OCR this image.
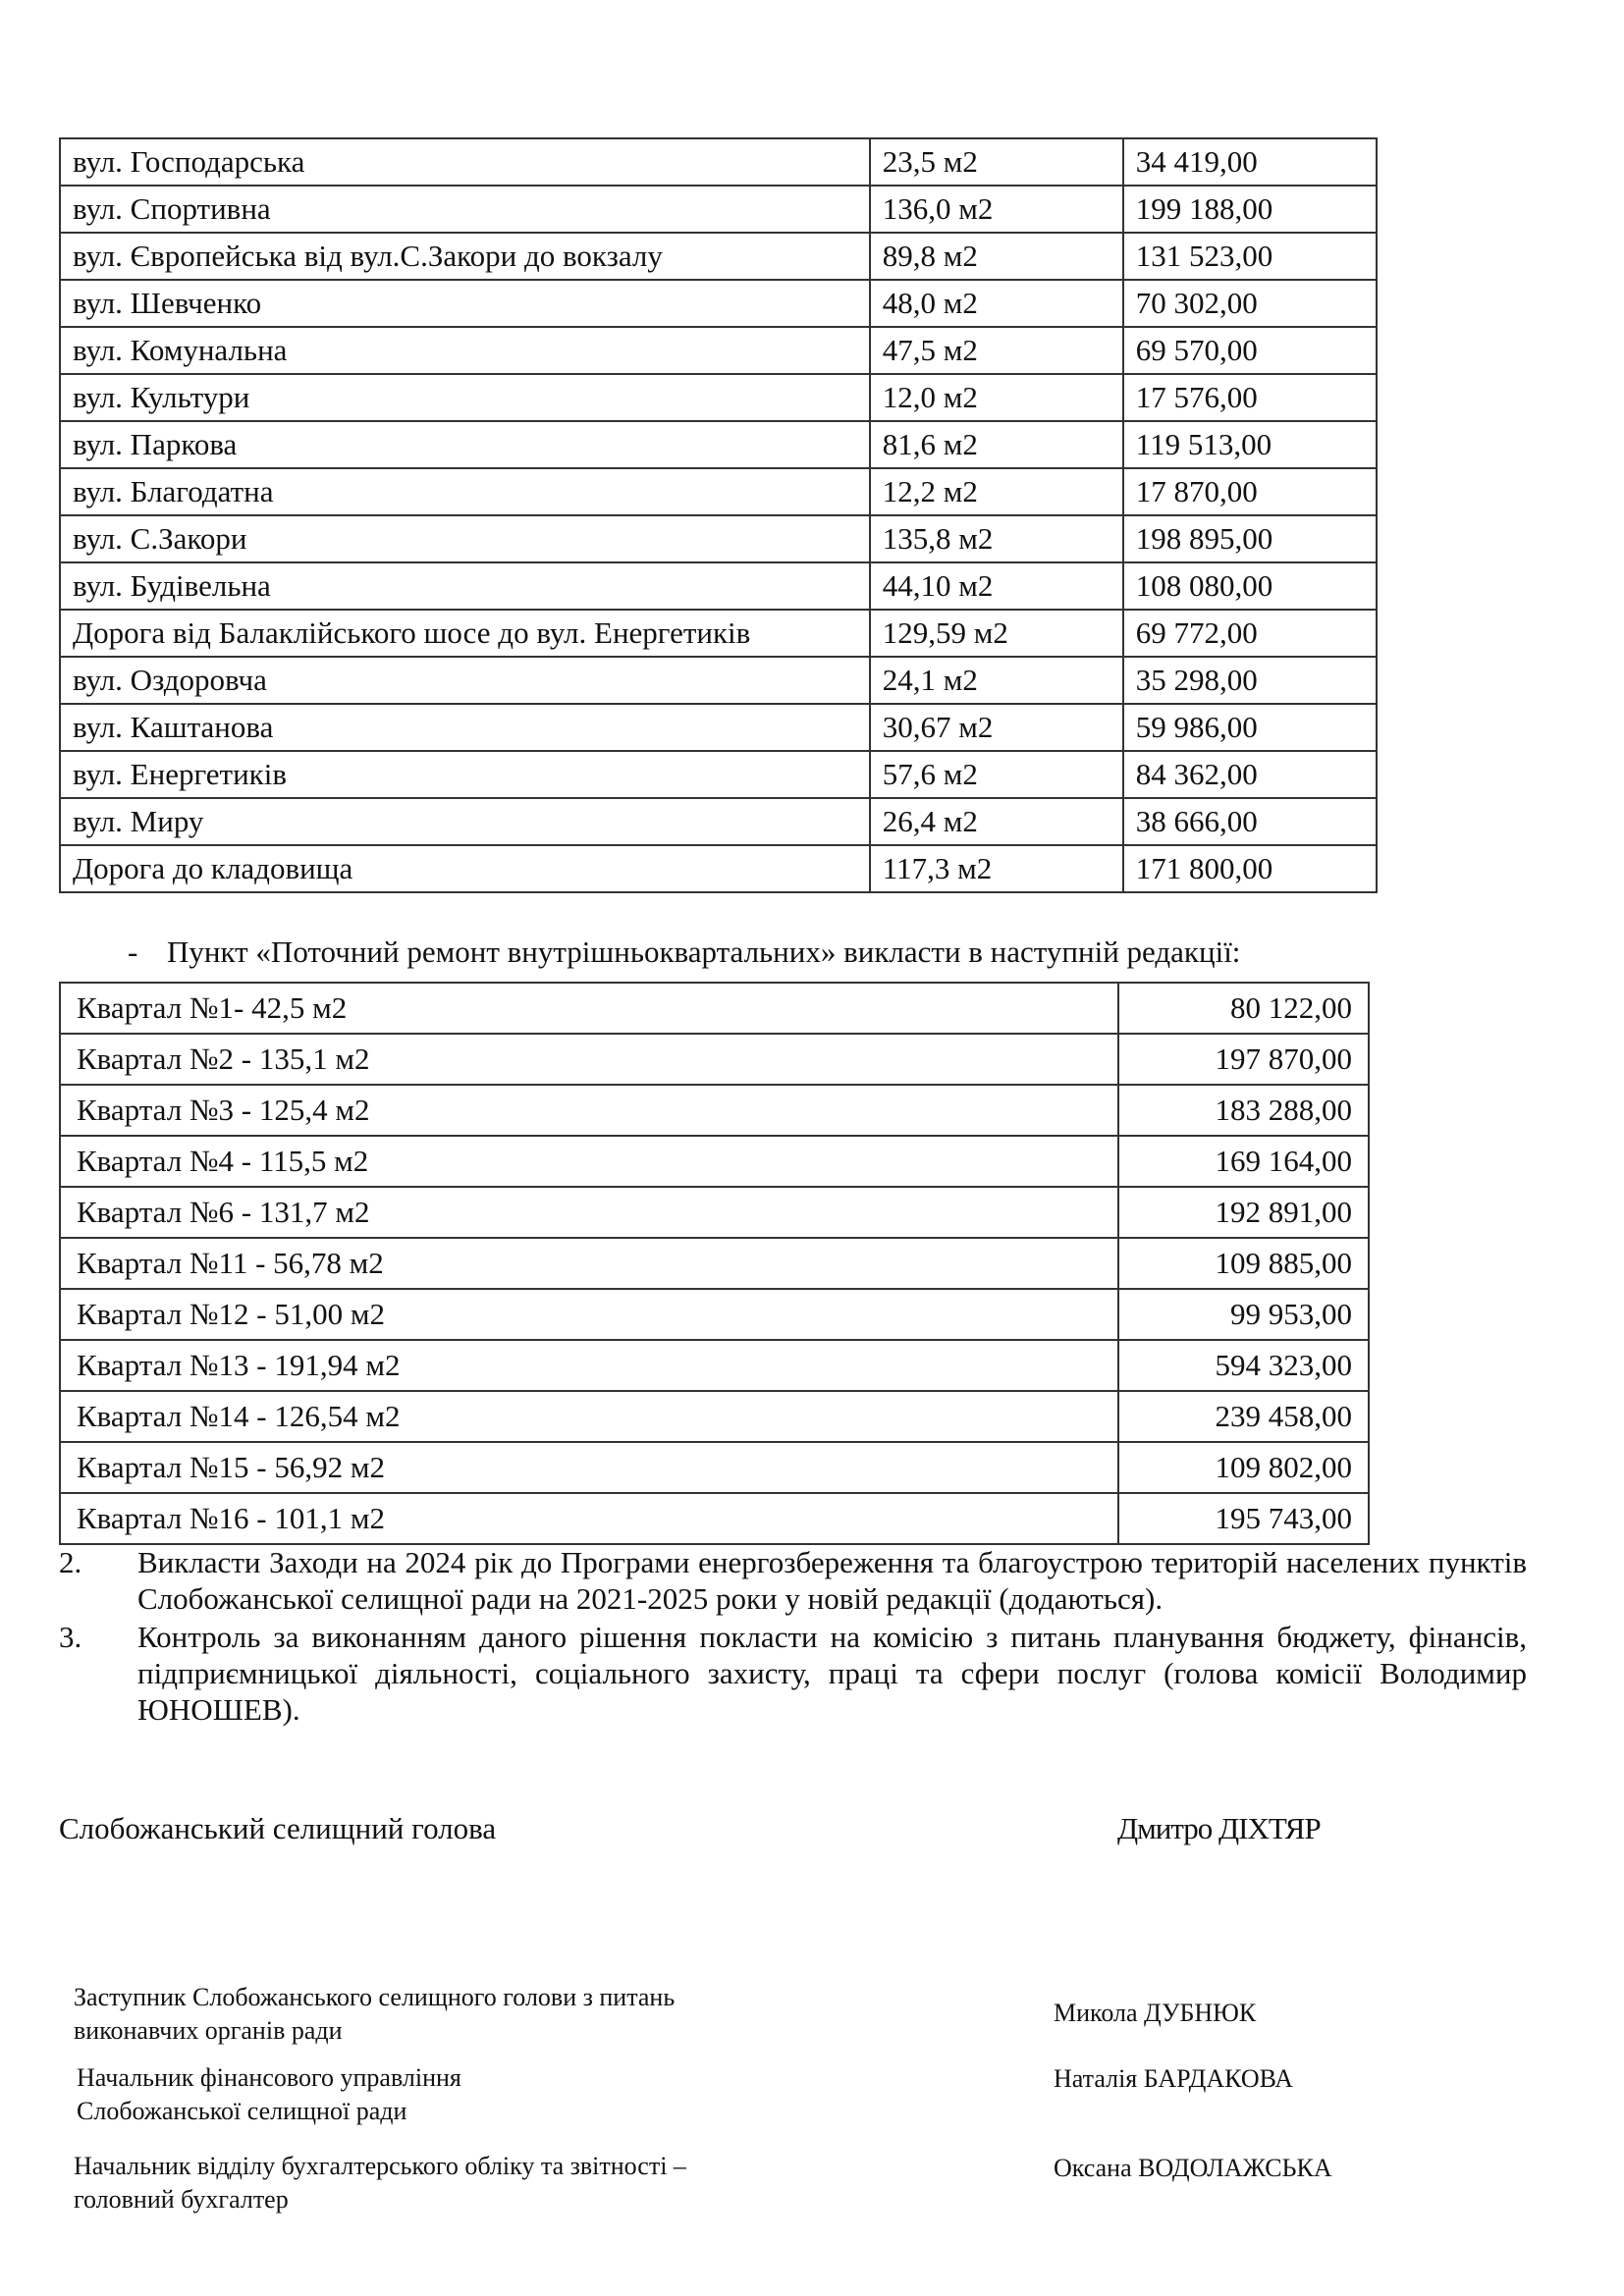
вул. Господарська	23,5 м2	34 419,00
вул. Спортивна	136,0 м2	199 188,00
вул. Європейська від вул.С.Закори до вокзалу	89,8 м2	131 523,00
вул. Шевченко	48,0 м2	70 302,00
вул. Комунальна	47,5 м2	69 570,00
вул. Культури	12,0 м2	17 576,00
вул. Паркова	81,6 м2	119 513,00
вул. Благодатна	12,2 м2	17 870,00
вул. С.Закори	135,8 м2	198 895,00
вул. Будівельна	44,10 м2	108 080,00
Дорога від Балаклійського шосе до вул. Енергетиків	129,59 м2	69 772,00
вул. Оздоровча	24,1 м2	35 298,00
вул. Каштанова	30,67 м2	59 986,00
вул. Енергетиків	57,6 м2	84 362,00
вул. Миру	26,4 м2	38 666,00
Дорога до кладовища	117,3 м2	171 800,00
- Пункт «Поточний ремонт внутрішньоквартальних» викласти в наступній редакції:
Квартал №1- 42,5 м2	80 122,00
Квартал №2 - 135,1 м2	197 870,00
Квартал №3 - 125,4 м2	183 288,00
Квартал №4 - 115,5 м2	169 164,00
Квартал №6 - 131,7 м2	192 891,00
Квартал №11 - 56,78 м2	109 885,00
Квартал №12 - 51,00 м2	99 953,00
Квартал №13 - 191,94 м2	594 323,00
Квартал №14 - 126,54 м2	239 458,00
Квартал №15 - 56,92 м2	109 802,00
Квартал №16 - 101,1 м2	195 743,00
2. Викласти Заходи на 2024 рік до Програми енергозбереження та благоустрою територій населених пунктів Слобожанської селищної ради на 2021-2025 роки у новій редакції (додаються).
3. Контроль за виконанням даного рішення покласти на комісію з питань планування бюджету, фінансів, підприємницької діяльності, соціального захисту, праці та сфери послуг (голова комісії Володимир ЮНОШЕВ).
Слобожанський селищний голова	Дмитро ДІХТЯР
Заступник Слобожанського селищного голови з питань
виконавчих органів ради
Микола ДУБНЮК
Начальник фінансового управління
Слобожанської селищної ради
Наталія БАРДАКОВА
Начальник відділу бухгалтерського обліку та звітності –
головний бухгалтер
Оксана ВОДОЛАЖСЬКА
